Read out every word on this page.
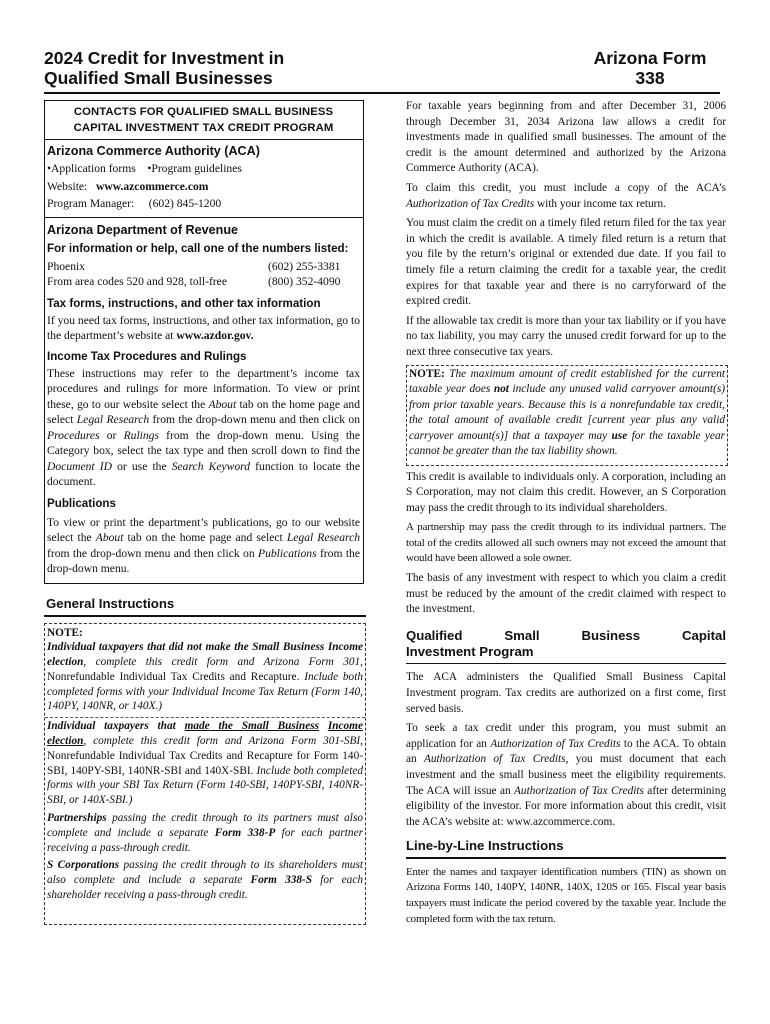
2024 Credit for Investment in
Qualified Small Businesses
Arizona Form
338
CONTACTS FOR QUALIFIED SMALL BUSINESS
CAPITAL INVESTMENT TAX CREDIT PROGRAM
Arizona Commerce Authority (ACA)
•Application forms •Program guidelines
Website: www.azcommerce.com
Program Manager: (602) 845-1200
Arizona Department of Revenue
For information or help, call one of the numbers listed:
Phoenix	(602) 255-3381
From area codes 520 and 928, toll-free	(800) 352-4090
Tax forms, instructions, and other tax information
If you need tax forms, instructions, and other tax information, go to the department’s website at www.azdor.gov.
Income Tax Procedures and Rulings
These instructions may refer to the department’s income tax procedures and rulings for more information. To view or print these, go to our website select the About tab on the home page and select Legal Research from the drop-down menu and then click on Procedures or Rulings from the drop-down menu. Using the Category box, select the tax type and then scroll down to find the Document ID or use the Search Keyword function to locate the document.
Publications
To view or print the department’s publications, go to our website select the About tab on the home page and select Legal Research from the drop-down menu and then click on Publications from the drop-down menu.
General Instructions
NOTE:

Individual taxpayers that did not make the Small Business Income election, complete this credit form and Arizona Form 301, Nonrefundable Individual Tax Credits and Recapture. Include both completed forms with your Individual Income Tax Return (Form 140, 140PY, 140NR, or 140X.)

Individual taxpayers that made the Small Business Income election, complete this credit form and Arizona Form 301-SBI, Nonrefundable Individual Tax Credits and Recapture for Form 140-SBI, 140PY-SBI, 140NR-SBI and 140X-SBI. Include both completed forms with your SBI Tax Return (Form 140-SBI, 140PY-SBI, 140NR-SBI, or 140X-SBI.)

Partnerships passing the credit through to its partners must also complete and include a separate Form 338-P for each partner receiving a pass-through credit.

S Corporations passing the credit through to its shareholders must also complete and include a separate Form 338-S for each shareholder receiving a pass-through credit.

For taxable years beginning from and after December 31, 2006 through December 31, 2034 Arizona law allows a credit for investments made in qualified small businesses. The amount of the credit is the amount determined and authorized by the Arizona Commerce Authority (ACA).

To claim this credit, you must include a copy of the ACA’s Authorization of Tax Credits with your income tax return.

You must claim the credit on a timely filed return filed for the tax year in which the credit is available. A timely filed return is a return that you file by the return’s original or extended due date. If you fail to timely file a return claiming the credit for a taxable year, the credit expires for that taxable year and there is no carryforward of the expired credit.

If the allowable tax credit is more than your tax liability or if you have no tax liability, you may carry the unused credit forward for up to the next three consecutive tax years.

NOTE: The maximum amount of credit established for the current taxable year does not include any unused valid carryover amount(s) from prior taxable years. Because this is a nonrefundable tax credit, the total amount of available credit [current year plus any valid carryover amount(s)] that a taxpayer may use for the taxable year cannot be greater than the tax liability shown.

This credit is available to individuals only. A corporation, including an S Corporation, may not claim this credit. However, an S Corporation may pass the credit through to its individual shareholders.

A partnership may pass the credit through to its individual partners. The total of the credits allowed all such owners may not exceed the amount that would have been allowed a sole owner.

The basis of any investment with respect to which you claim a credit must be reduced by the amount of the credit claimed with respect to the investment.

Qualified	Small	Business	Capital
Investment Program

The ACA administers the Qualified Small Business Capital Investment program. Tax credits are authorized on a first come, first served basis.

To seek a tax credit under this program, you must submit an application for an Authorization of Tax Credits to the ACA. To obtain an Authorization of Tax Credits, you must document that each investment and the small business meet the eligibility requirements. The ACA will issue an Authorization of Tax Credits after determining eligibility of the investor. For more information about this credit, visit the ACA’s website at: www.azcommerce.com.

Line-by-Line Instructions

Enter the names and taxpayer identification numbers (TIN) as shown on Arizona Forms 140, 140PY, 140NR, 140X, 120S or 165. Fiscal year basis taxpayers must indicate the period covered by the taxable year. Include the completed form with the tax return.
